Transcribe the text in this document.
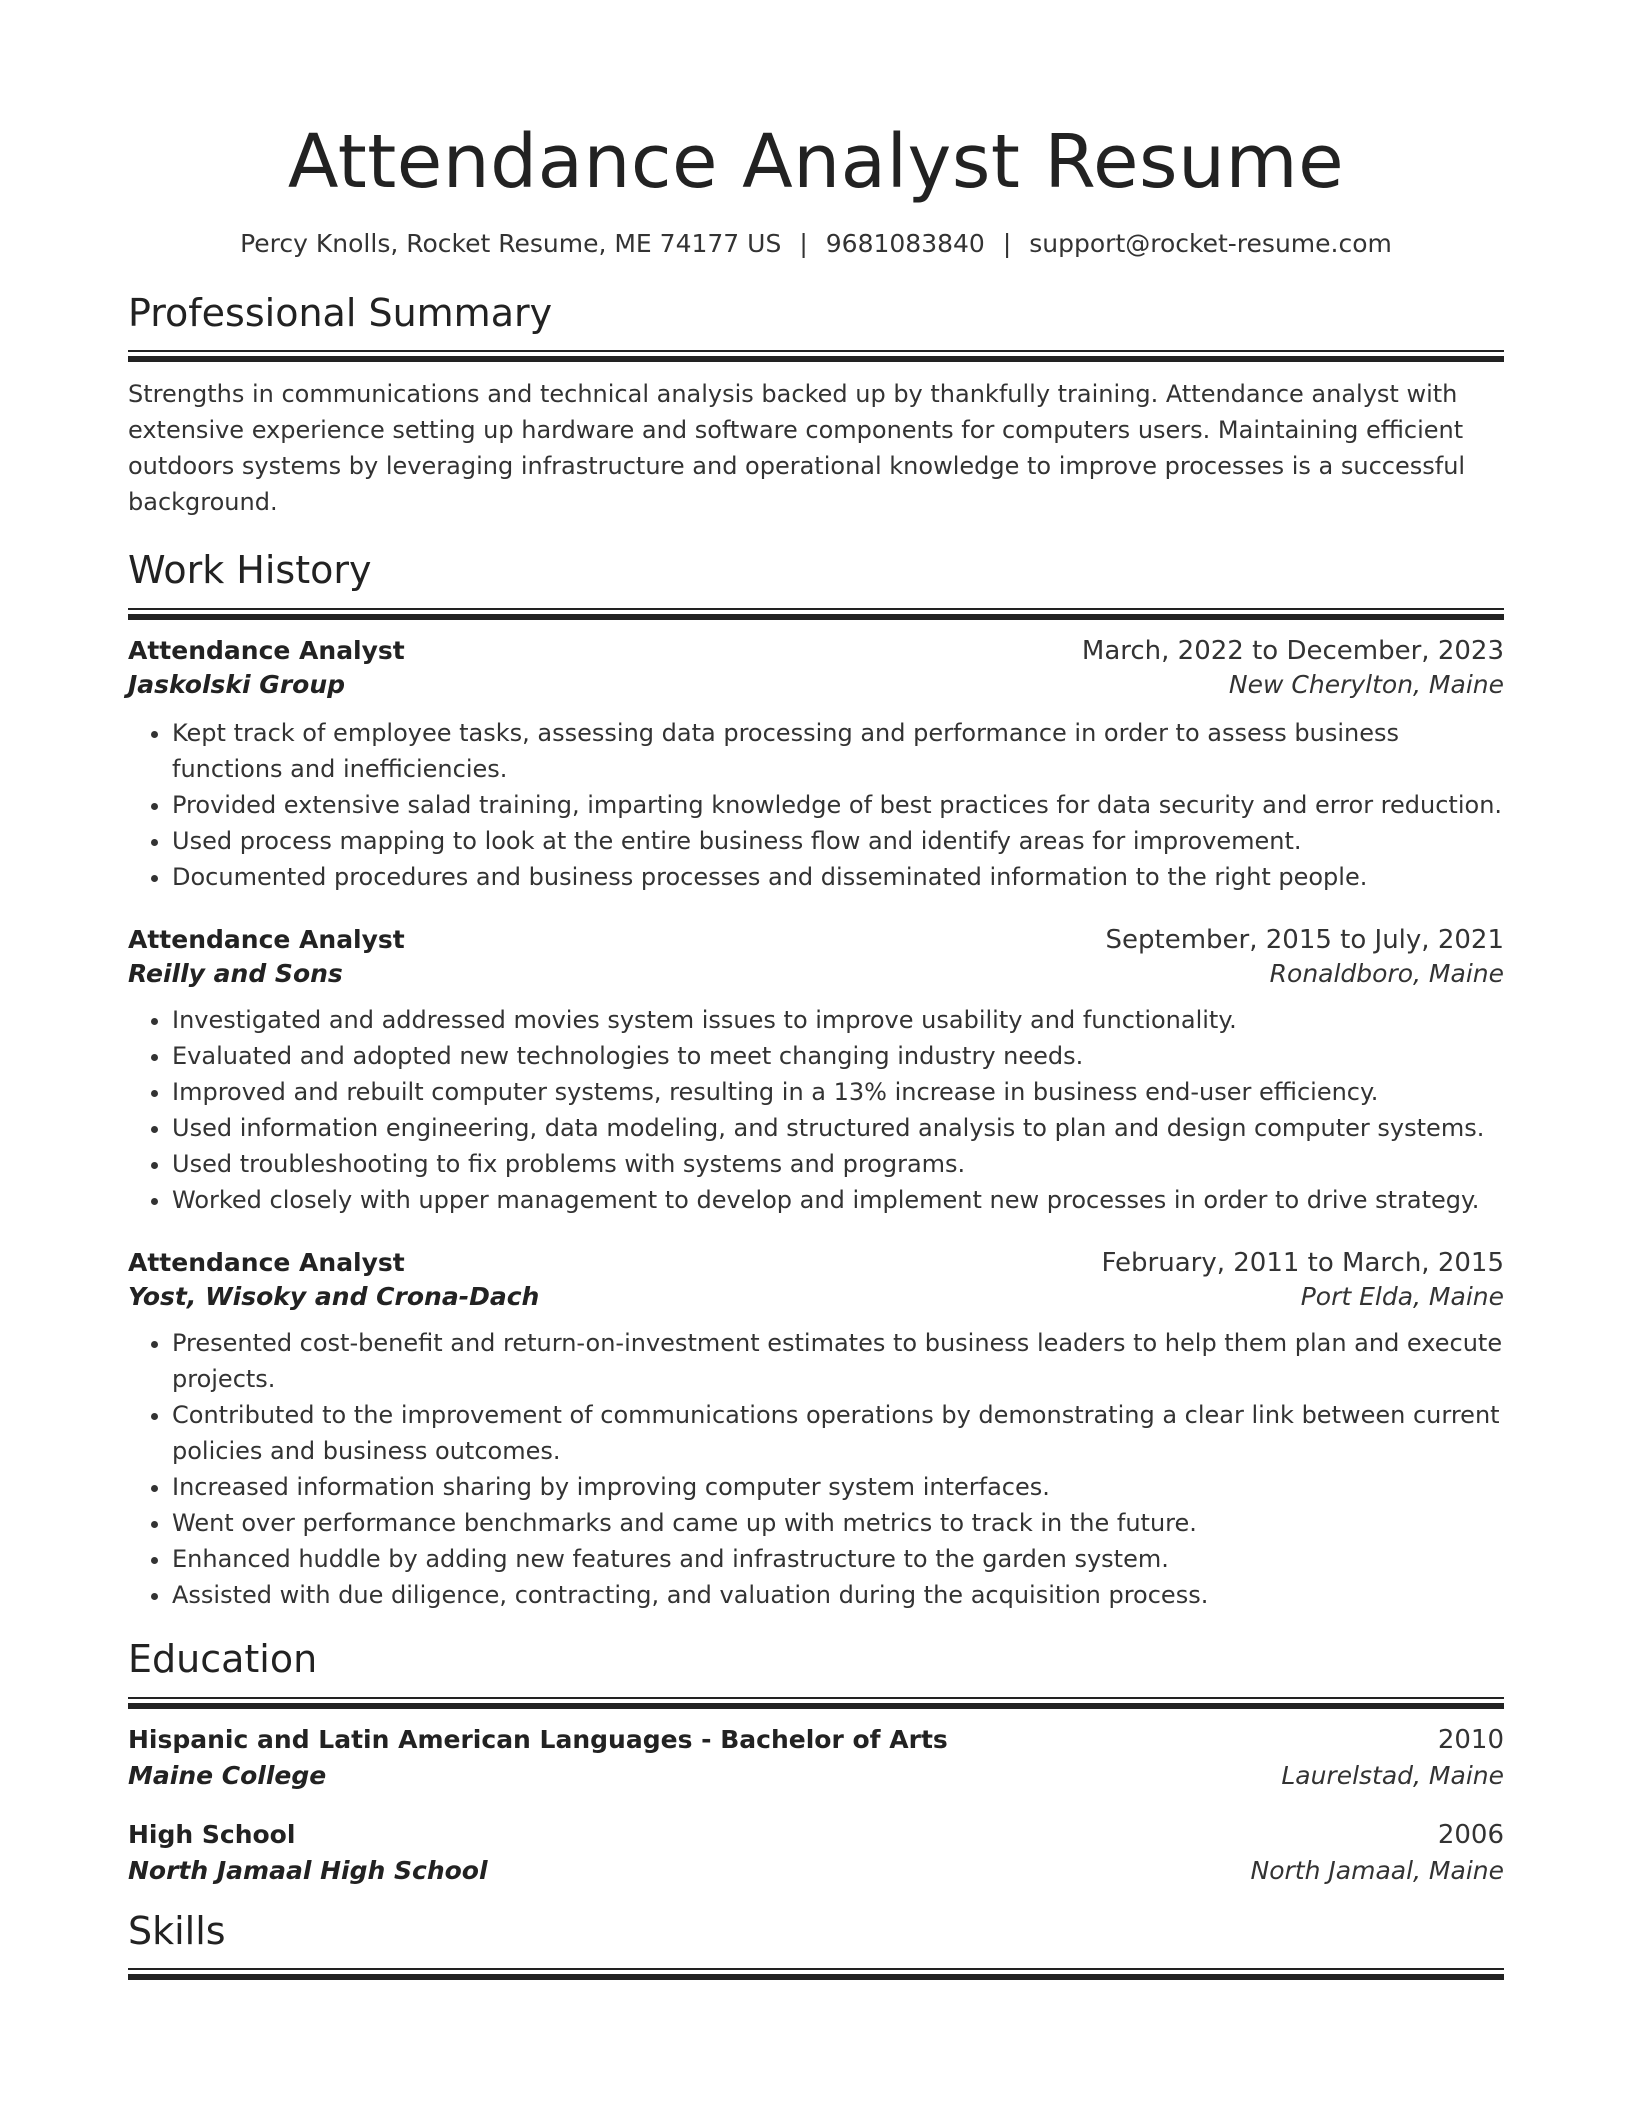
Attendance Analyst Resume
Percy Knolls, Rocket Resume, ME 74177 US | 9681083840 | support@rocket-resume.com
Professional Summary
Strengths in communications and technical analysis backed up by thankfully training. Attendance analyst with extensive experience setting up hardware and software components for computers users. Maintaining efficient outdoors systems by leveraging infrastructure and operational knowledge to improve processes is a successful background.
Work History
Attendance Analyst	March, 2022 to December, 2023
Jaskolski Group	New Cherylton, Maine
• Kept track of employee tasks, assessing data processing and performance in order to assess business functions and inefficiencies.
• Provided extensive salad training, imparting knowledge of best practices for data security and error reduction.
• Used process mapping to look at the entire business flow and identify areas for improvement.
• Documented procedures and business processes and disseminated information to the right people.
Attendance Analyst	September, 2015 to July, 2021
Reilly and Sons	Ronaldboro, Maine
• Investigated and addressed movies system issues to improve usability and functionality.
• Evaluated and adopted new technologies to meet changing industry needs.
• Improved and rebuilt computer systems, resulting in a 13% increase in business end-user efficiency.
• Used information engineering, data modeling, and structured analysis to plan and design computer systems.
• Used troubleshooting to fix problems with systems and programs.
• Worked closely with upper management to develop and implement new processes in order to drive strategy.
Attendance Analyst	February, 2011 to March, 2015
Yost, Wisoky and Crona-Dach	Port Elda, Maine
• Presented cost-benefit and return-on-investment estimates to business leaders to help them plan and execute projects.
• Contributed to the improvement of communications operations by demonstrating a clear link between current policies and business outcomes.
• Increased information sharing by improving computer system interfaces.
• Went over performance benchmarks and came up with metrics to track in the future.
• Enhanced huddle by adding new features and infrastructure to the garden system.
• Assisted with due diligence, contracting, and valuation during the acquisition process.
Education
Hispanic and Latin American Languages - Bachelor of Arts	2010
Maine College	Laurelstad, Maine
High School	2006
North Jamaal High School	North Jamaal, Maine
Skills
